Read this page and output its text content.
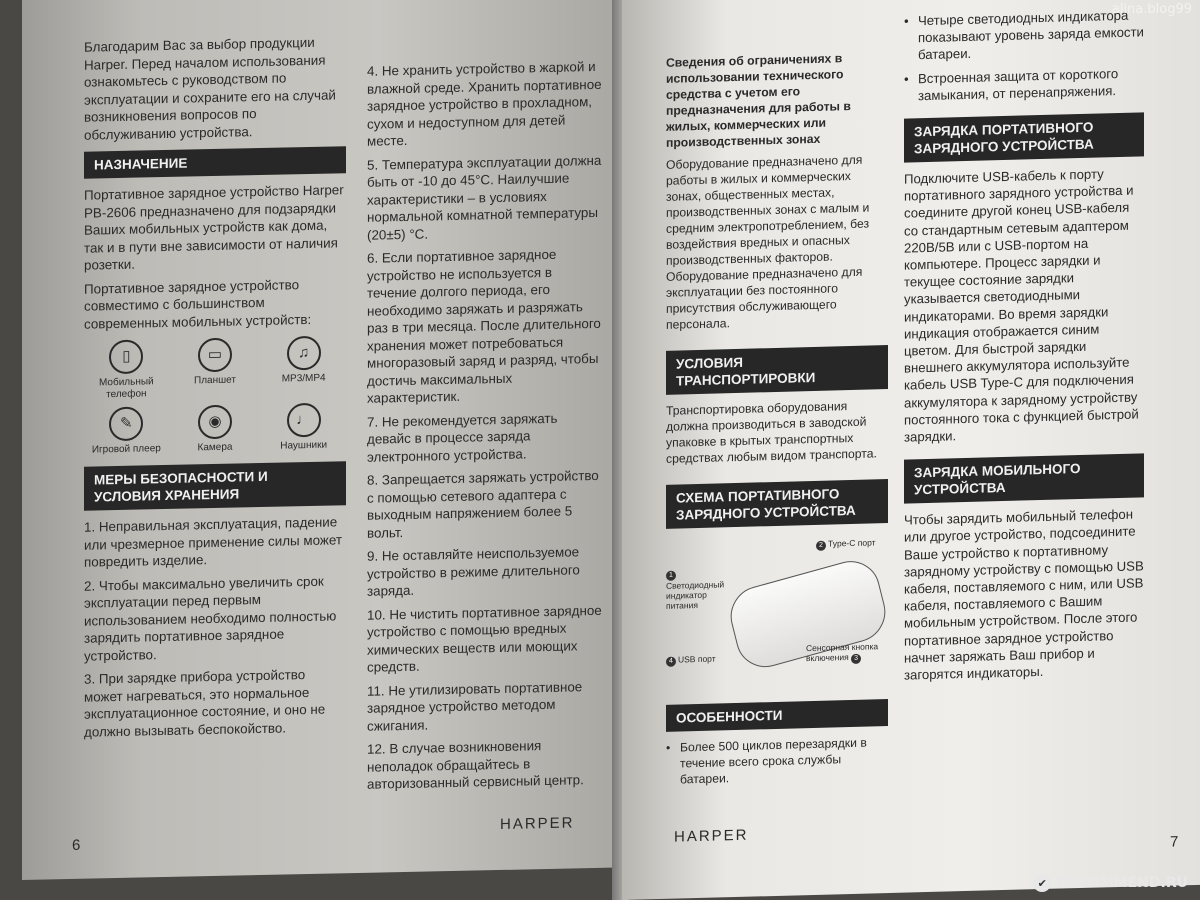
Благодарим Вас за выбор продукции Harper. Перед началом использования ознакомьтесь с руководством по эксплуатации и сохраните его на случай возникновения вопросов по обслуживанию устройства.

НАЗНАЧЕНИЕ

Портативное зарядное устройство Harper PB-2606 предназначено для подзарядки Ваших мобильных устройств как дома, так и в пути вне зависимости от наличия розетки.

Портативное зарядное устройство совместимо с большинством современных мобильных устройств:

▯
Мобильный телефон
▭
Планшет
♫
MP3/MP4
✎
Игровой плеер
◉
Камера
♩
Наушники
МЕРЫ БЕЗОПАСНОСТИ И УСЛОВИЯ ХРАНЕНИЯ

1. Неправильная эксплуатация, падение или чрезмерное применение силы может повредить изделие.

2. Чтобы максимально увеличить срок эксплуатации перед первым использованием необходимо полностью зарядить портативное зарядное устройство.

3. При зарядке прибора устройство может нагреваться, это нормальное эксплуатационное состояние, и оно не должно вызывать беспокойство.

6

4. Не хранить устройство в жаркой и влажной среде. Хранить портативное зарядное устройство в прохладном, сухом и недоступном для детей месте.

5. Температура эксплуатации должна быть от -10 до 45°С. Наилучшие характеристики – в условиях нормальной комнатной температуры (20±5) °С.

6. Если портативное зарядное устройство не используется в течение долгого периода, его необходимо заряжать и разряжать раз в три месяца. После длительного хранения может потребоваться многоразовый заряд и разряд, чтобы достичь максимальных характеристик.

7. Не рекомендуется заряжать девайс в процессе заряда электронного устройства.

8. Запрещается заряжать устройство с помощью сетевого адаптера с выходным напряжением более 5 вольт.

9. Не оставляйте неиспользуемое устройство в режиме длительного заряда.

10. Не чистить портативное зарядное устройство с помощью вредных химических веществ или моющих средств.

11. Не утилизировать портативное зарядное устройство методом сжигания.

12. В случае возникновения неполадок обращайтесь в авторизованный сервисный центр.

HARPER

Сведения об ограничениях в использовании технического средства с учетом его предназначения для работы в жилых, коммерческих или производственных зонах

Оборудование предназначено для работы в жилых и коммерческих зонах, общественных местах, производственных зонах с малым и средним электропотреблением, без воздействия вредных и опасных производственных факторов. Оборудование предназначено для эксплуатации без постоянного присутствия обслуживающего персонала.

УСЛОВИЯ ТРАНСПОРТИРОВКИ

Транспортировка оборудования должна производиться в заводской упаковке в крытых транспортных средствах любым видом транспорта.

СХЕМА ПОРТАТИВНОГО ЗАРЯДНОГО УСТРОЙСТВА
2 Type-C порт
1Светодиодный индикатор питания
4 USB порт
Сенсорная кнопка включения 3
ОСОБЕННОСТИ

• Более 500 циклов перезарядки в течение всего срока службы батареи.

HARPER

• Четыре светодиодных индикатора показывают уровень заряда емкости батареи.

• Встроенная защита от короткого замыкания, от перенапряжения.

ЗАРЯДКА ПОРТАТИВНОГО ЗАРЯДНОГО УСТРОЙСТВА

Подключите USB-кабель к порту портативного зарядного устройства и соедините другой конец USB-кабеля со стандартным сетевым адаптером 220В/5В или с USB-портом на компьютере. Процесс зарядки и текущее состояние зарядки указывается светодиодными индикаторами. Во время зарядки индикация отображается синим цветом. Для быстрой зарядки внешнего аккумулятора используйте кабель USB Type-C для подключения аккумулятора к зарядному устройству постоянного тока с функцией быстрой зарядки.

ЗАРЯДКА МОБИЛЬНОГО УСТРОЙСТВА

Чтобы зарядить мобильный телефон или другое устройство, подсоедините Ваше устройство к портативному зарядному устройству с помощью USB кабеля, поставляемого с ним, или USB кабеля, поставляемого с Вашим мобильным устройством. После этого портативное зарядное устройство начнет заряжать Ваш прибор и загорятся индикаторы.

7
alina.blog99
✔ RECOMMEND.RU
